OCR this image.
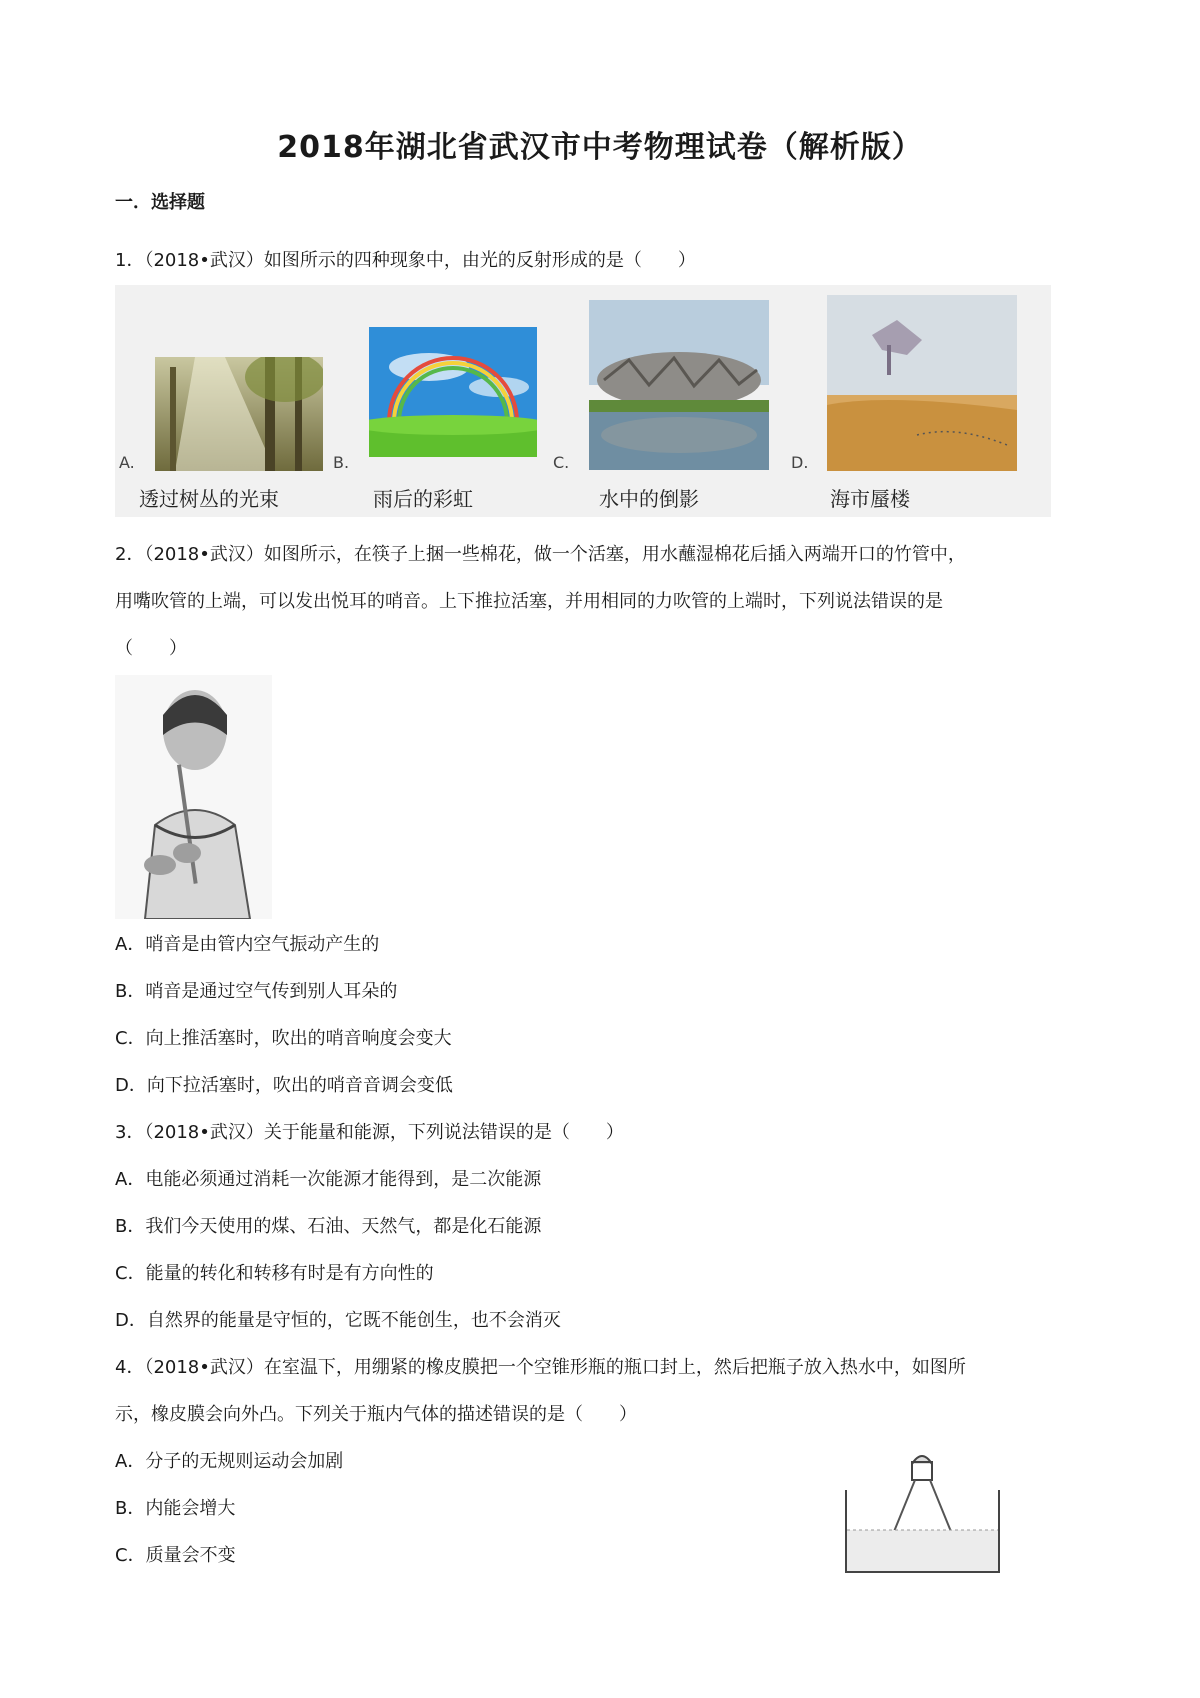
2018年湖北省武汉市中考物理试卷（解析版）
一．选择题
1．（2018•武汉）如图所示的四种现象中，由光的反射形成的是（　　）
A.	B.	C.	D.
透过树丛的光束	雨后的彩虹	水中的倒影	海市蜃楼
2．（2018•武汉）如图所示，在筷子上捆一些棉花，做一个活塞，用水蘸湿棉花后插入两端开口的竹管中，
用嘴吹管的上端，可以发出悦耳的哨音。上下推拉活塞，并用相同的力吹管的上端时，下列说法错误的是
（　　）
A．哨音是由管内空气振动产生的
B．哨音是通过空气传到别人耳朵的
C．向上推活塞时，吹出的哨音响度会变大
D．向下拉活塞时，吹出的哨音音调会变低
3．（2018•武汉）关于能量和能源，下列说法错误的是（　　）
A．电能必须通过消耗一次能源才能得到，是二次能源
B．我们今天使用的煤、石油、天然气，都是化石能源
C．能量的转化和转移有时是有方向性的
D．自然界的能量是守恒的，它既不能创生，也不会消灭
4．（2018•武汉）在室温下，用绷紧的橡皮膜把一个空锥形瓶的瓶口封上，然后把瓶子放入热水中，如图所
示，橡皮膜会向外凸。下列关于瓶内气体的描述错误的是（　　）
A．分子的无规则运动会加剧
B．内能会增大
C．质量会不变
